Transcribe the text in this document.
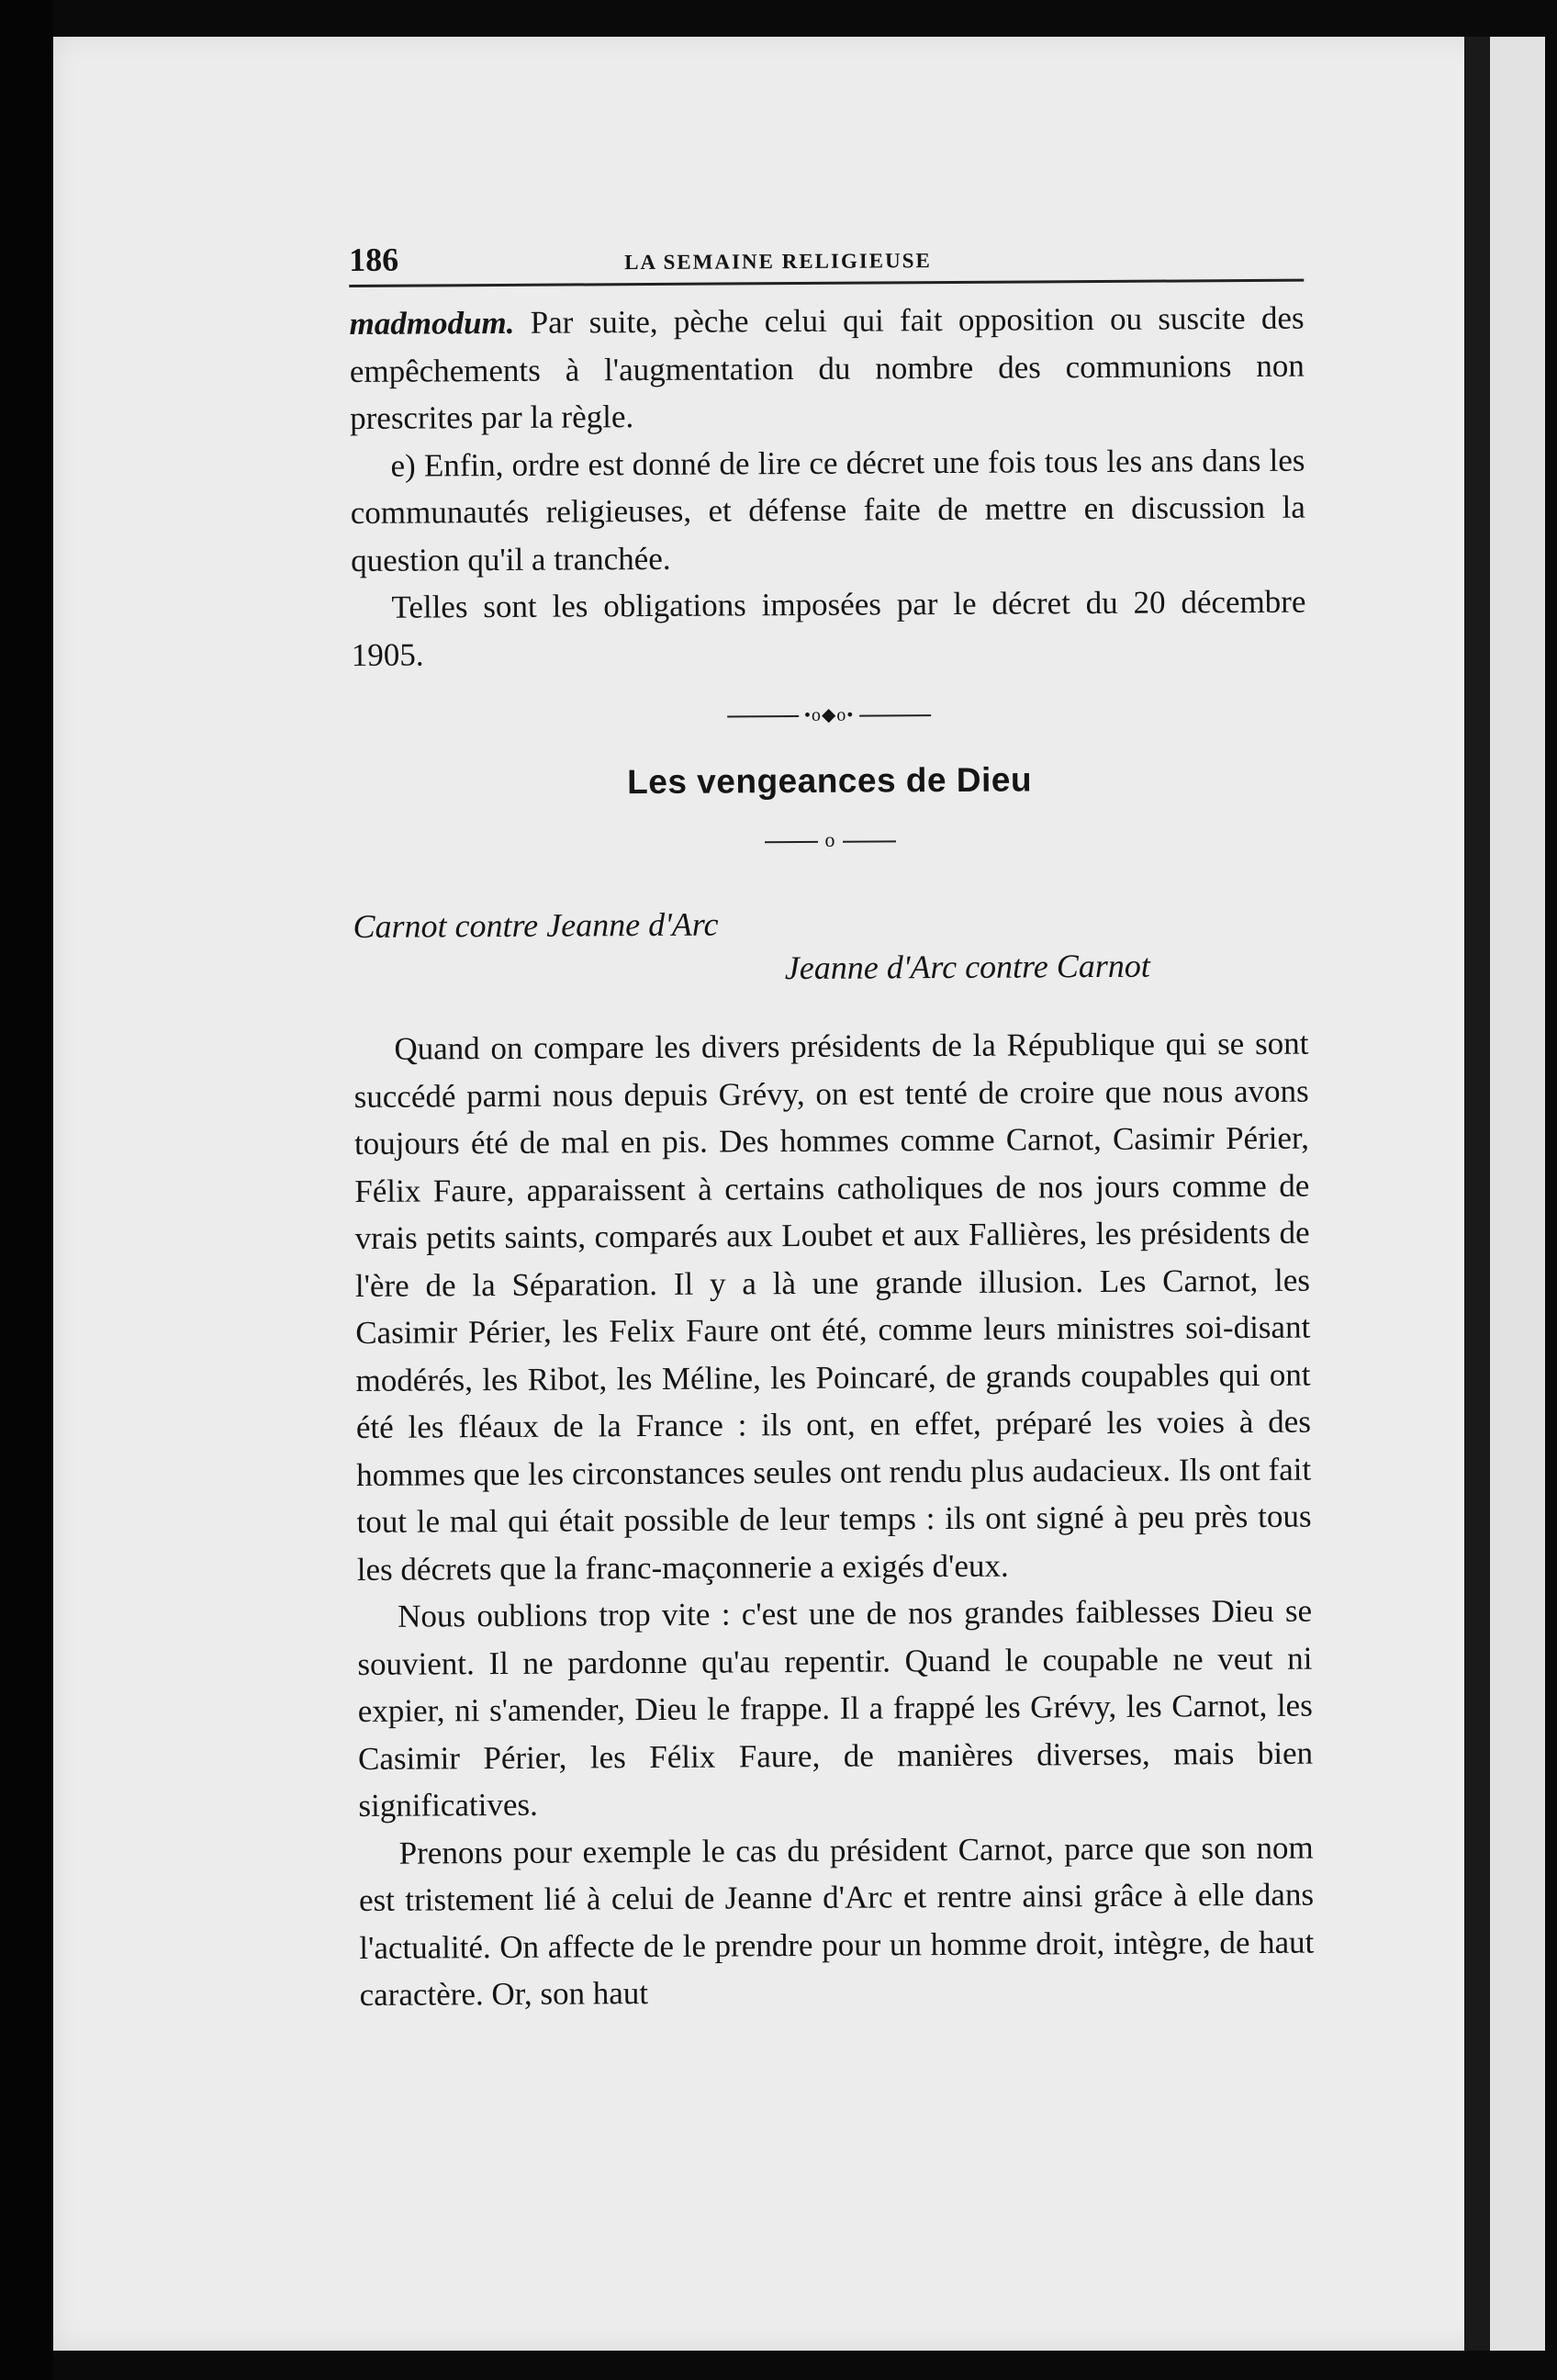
186	LA SEMAINE RELIGIEUSE

madmodum. Par suite, pèche celui qui fait opposition ou suscite des empêchements à l'augmentation du nombre des communions non prescrites par la règle.

e) Enfin, ordre est donné de lire ce décret une fois tous les ans dans les communautés religieuses, et défense faite de mettre en discussion la question qu'il a tranchée.

Telles sont les obligations imposées par le décret du 20 décembre 1905.

•o◆o•
Les vengeances de Dieu
o
Carnot contre Jeanne d'Arc
Jeanne d'Arc contre Carnot

Quand on compare les divers présidents de la République qui se sont succédé parmi nous depuis Grévy, on est tenté de croire que nous avons toujours été de mal en pis. Des hommes comme Carnot, Casimir Périer, Félix Faure, apparaissent à certains catholiques de nos jours comme de vrais petits saints, comparés aux Loubet et aux Fallières, les présidents de l'ère de la Séparation. Il y a là une grande illusion. Les Carnot, les Casimir Périer, les Felix Faure ont été, comme leurs ministres soi-disant modérés, les Ribot, les Méline, les Poincaré, de grands coupables qui ont été les fléaux de la France : ils ont, en effet, préparé les voies à des hommes que les circonstances seules ont rendu plus audacieux. Ils ont fait tout le mal qui était possible de leur temps : ils ont signé à peu près tous les décrets que la franc-maçonnerie a exigés d'eux.

Nous oublions trop vite : c'est une de nos grandes faiblesses Dieu se souvient. Il ne pardonne qu'au repentir. Quand le coupable ne veut ni expier, ni s'amender, Dieu le frappe. Il a frappé les Grévy, les Carnot, les Casimir Périer, les Félix Faure, de manières diverses, mais bien significatives.

Prenons pour exemple le cas du président Carnot, parce que son nom est tristement lié à celui de Jeanne d'Arc et rentre ainsi grâce à elle dans l'actualité. On affecte de le prendre pour un homme droit, intègre, de haut caractère. Or, son haut
